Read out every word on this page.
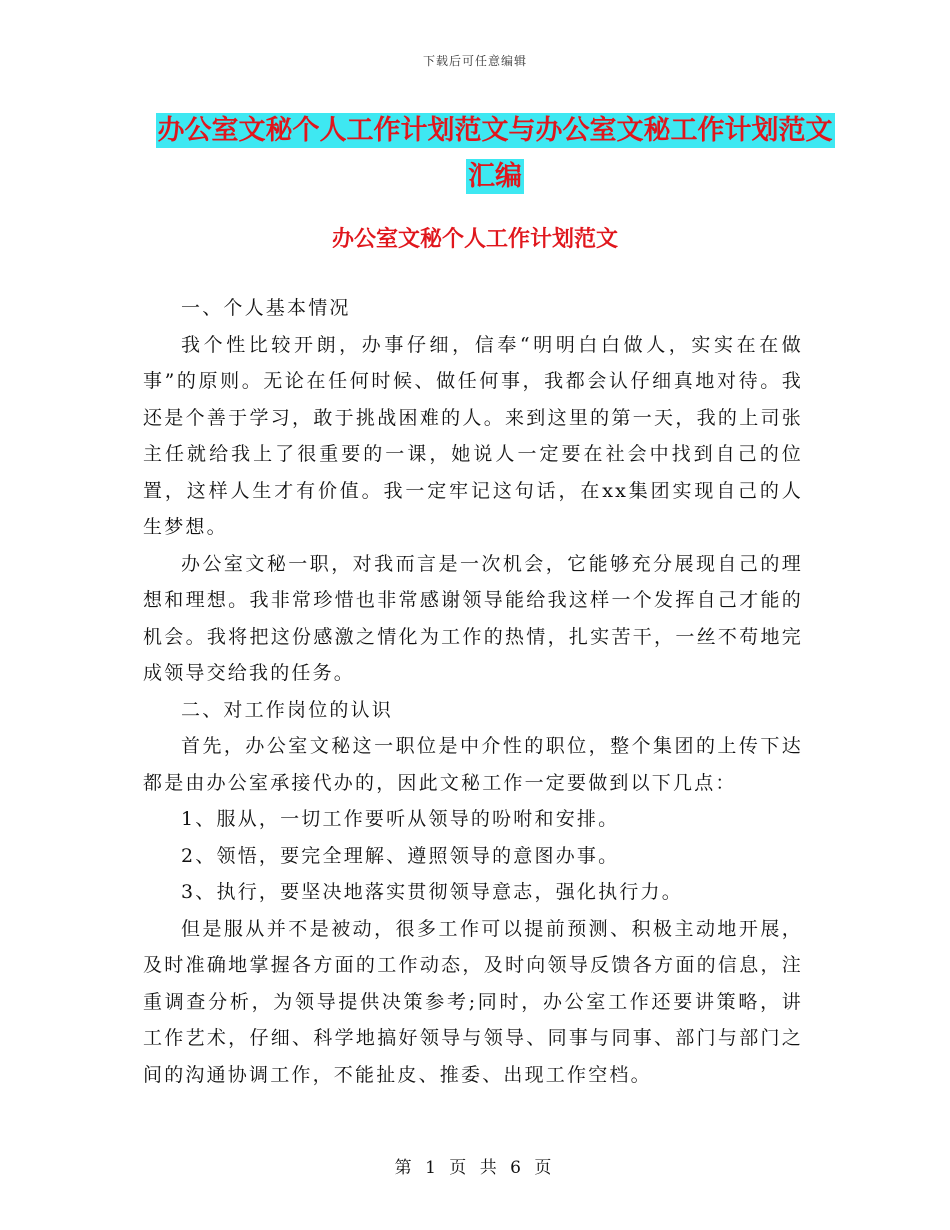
下载后可任意编辑
办公室文秘个人工作计划范文与办公室文秘工作计划范文汇编
办公室文秘个人工作计划范文

一、个人基本情况

我个性比较开朗，办事仔细，信奉“明明白白做人，实实在在做事”的原则。无论在任何时候、做任何事，我都会认仔细真地对待。我还是个善于学习，敢于挑战困难的人。来到这里的第一天，我的上司张主任就给我上了很重要的一课，她说人一定要在社会中找到自己的位置，这样人生才有价值。我一定牢记这句话，在xx集团实现自己的人生梦想。

办公室文秘一职，对我而言是一次机会，它能够充分展现自己的理想和理想。我非常珍惜也非常感谢领导能给我这样一个发挥自己才能的机会。我将把这份感激之情化为工作的热情，扎实苦干，一丝不苟地完成领导交给我的任务。

二、对工作岗位的认识

首先，办公室文秘这一职位是中介性的职位，整个集团的上传下达都是由办公室承接代办的，因此文秘工作一定要做到以下几点：

1、服从，一切工作要听从领导的吩咐和安排。

2、领悟，要完全理解、遵照领导的意图办事。

3、执行，要坚决地落实贯彻领导意志，强化执行力。

但是服从并不是被动，很多工作可以提前预测、积极主动地开展，及时准确地掌握各方面的工作动态，及时向领导反馈各方面的信息，注重调查分析，为领导提供决策参考;同时，办公室工作还要讲策略，讲工作艺术，仔细、科学地搞好领导与领导、同事与同事、部门与部门之间的沟通协调工作，不能扯皮、推委、出现工作空档。

第 1 页 共 6 页
